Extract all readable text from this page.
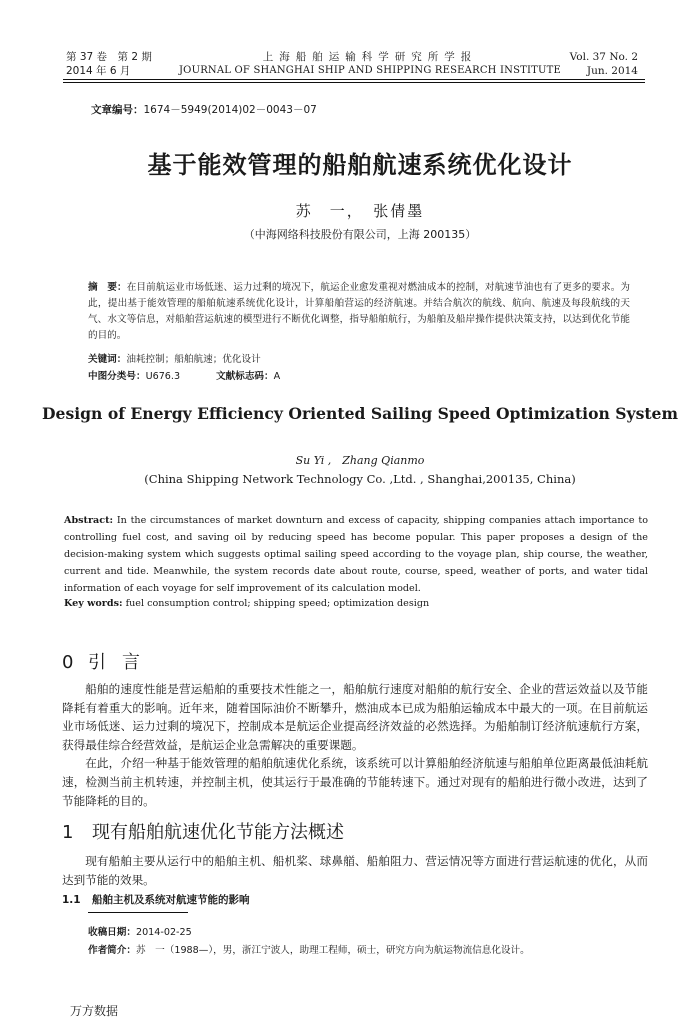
第 37 卷　第 2 期
2014 年 6 月
上海船舶运输科学研究所学报
JOURNAL OF SHANGHAI SHIP AND SHIPPING RESEARCH INSTITUTE
Vol. 37 No. 2
Jun. 2014
文章编号：1674－5949(2014)02－0043－07
基于能效管理的船舶航速系统优化设计
苏　一，　张倩墨
（中海网络科技股份有限公司，上海 200135）
摘　要：在目前航运业市场低迷、运力过剩的境况下，航运企业愈发重视对燃油成本的控制，对航速节油也有了更多的要求。为此，提出基于能效管理的船舶航速系统优化设计，计算船舶营运的经济航速。并结合航次的航线、航向、航速及每段航线的天气、水文等信息，对船舶营运航速的模型进行不断优化调整，指导船舶航行，为船舶及船岸操作提供决策支持，以达到优化节能的目的。
关键词：油耗控制；船舶航速；优化设计
中图分类号：U676.3	文献标志码：A
Design of Energy Efficiency Oriented Sailing Speed Optimization System
Su Yi ,　Zhang Qianmo
(China Shipping Network Technology Co. ,Ltd. , Shanghai,200135, China)
Abstract: In the circumstances of market downturn and excess of capacity, shipping companies attach importance to controlling fuel cost, and saving oil by reducing speed has become popular. This paper proposes a design of the decision-making system which suggests optimal sailing speed according to the voyage plan, ship course, the weather, current and tide. Meanwhile, the system records date about route, course, speed, weather of ports, and water tidal information of each voyage for self improvement of its calculation model.
Key words: fuel consumption control; shipping speed; optimization design
0 引言

船舶的速度性能是营运船舶的重要技术性能之一，船舶航行速度对船舶的航行安全、企业的营运效益以及节能降耗有着重大的影响。近年来，随着国际油价不断攀升，燃油成本已成为船舶运输成本中最大的一项。在目前航运业市场低迷、运力过剩的境况下，控制成本是航运企业提高经济效益的必然选择。为船舶制订经济航速航行方案，获得最佳综合经营效益，是航运企业急需解决的重要课题。

在此，介绍一种基于能效管理的船舶航速优化系统，该系统可以计算船舶经济航速与船舶单位距离最低油耗航速，检测当前主机转速，并控制主机，使其运行于最准确的节能转速下。通过对现有的船舶进行微小改进，达到了节能降耗的目的。

1 现有船舶航速优化节能方法概述

现有船舶主要从运行中的船舶主机、船机桨、球鼻艏、船舶阻力、营运情况等方面进行营运航速的优化，从而达到节能的效果。

1.1 船舶主机及系统对航速节能的影响
收稿日期：2014-02-25
作者简介：苏　一（1988—），男，浙江宁波人，助理工程师，硕士，研究方向为航运物流信息化设计。
万方数据
